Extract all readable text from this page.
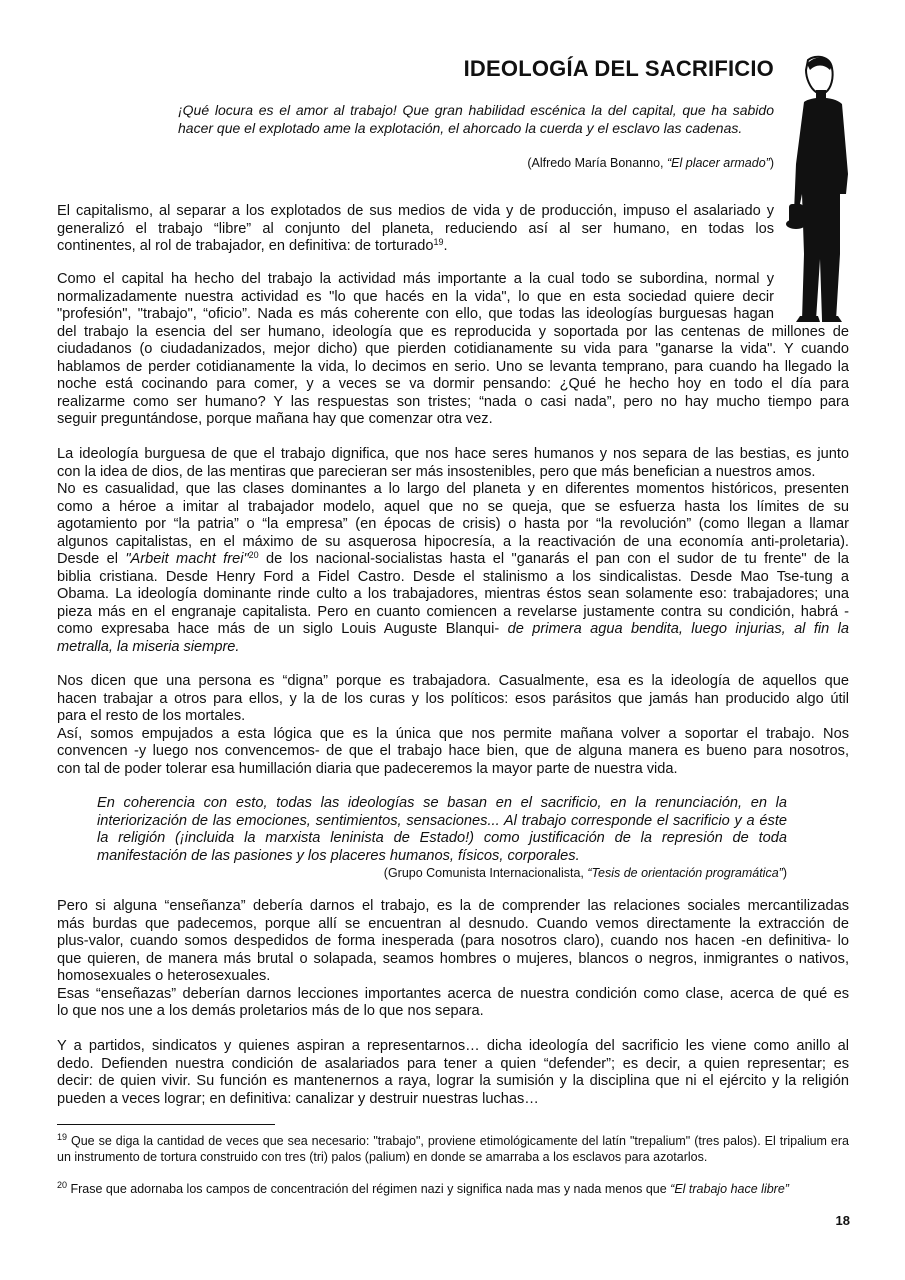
IDEOLOGÍA DEL SACRIFICIO
¡Qué locura es el amor al trabajo! Que gran habilidad escénica la del capital, que ha sabido hacer que el explotado ame la explotación, el ahorcado la cuerda y el esclavo las cadenas.
(Alfredo María Bonanno, “El placer armado”)
El capitalismo, al separar a los explotados de sus medios de vida y de producción, impuso el asalariado y
generalizó el trabajo “libre” al conjunto del planeta, reduciendo así al ser humano, en todas los
continentes, al rol de trabajador, en definitiva: de torturado$^{19}$.
Como el capital ha hecho del trabajo la actividad más importante a la cual todo se subordina, normal y
normalizadamente nuestra actividad es "lo que hacés en la vida", lo que en esta sociedad quiere decir
"profesión", "trabajo", “oficio”. Nada es más coherente con ello, que todas las ideologías burguesas hagan
del trabajo la esencia del ser humano, ideología que es reproducida y soportada por las centenas de millones de
ciudadanos (o ciudadanizados, mejor dicho) que pierden cotidianamente su vida para "ganarse la vida". Y cuando
hablamos de perder cotidianamente la vida, lo decimos en serio. Uno se levanta temprano, para cuando ha llegado la
noche está cocinando para comer, y a veces se va dormir pensando: ¿Qué he hecho hoy en todo el día para
realizarme como ser humano? Y las respuestas son tristes; “nada o casi nada”, pero no hay mucho tiempo para
seguir preguntándose, porque mañana hay que comenzar otra vez.
La ideología burguesa de que el trabajo dignifica, que nos hace seres humanos y nos separa de las bestias, es junto
con la idea de dios, de las mentiras que parecieran ser más insostenibles, pero que más benefician a nuestros amos.
No es casualidad, que las clases dominantes a lo largo del planeta y en diferentes momentos históricos, presenten
como a héroe a imitar al trabajador modelo, aquel que no se queja, que se esfuerza hasta los límites de su
agotamiento por “la patria” o “la empresa” (en épocas de crisis) o hasta por “la revolución” (como llegan a llamar
algunos capitalistas, en el máximo de su asquerosa hipocresía, a la reactivación de una economía anti-proletaria).
Desde el "Arbeit macht frei"$^{20}$ de los nacional-socialistas hasta el "ganarás el pan con el sudor de tu frente" de la
biblia cristiana. Desde Henry Ford a Fidel Castro. Desde el stalinismo a los sindicalistas. Desde Mao Tse-tung a
Obama. La ideología dominante rinde culto a los trabajadores, mientras éstos sean solamente eso: trabajadores; una
pieza más en el engranaje capitalista. Pero en cuanto comiencen a revelarse justamente contra su condición, habrá -
como expresaba hace más de un siglo Louis Auguste Blanqui- de primera agua bendita, luego injurias, al fin la
metralla, la miseria siempre.
Nos dicen que una persona es “digna” porque es trabajadora. Casualmente, esa es la ideología de aquellos que
hacen trabajar a otros para ellos, y la de los curas y los políticos: esos parásitos que jamás han producido algo útil
para el resto de los mortales.
Así, somos empujados a esta lógica que es la única que nos permite mañana volver a soportar el trabajo. Nos
convencen -y luego nos convencemos- de que el trabajo hace bien, que de alguna manera es bueno para nosotros,
con tal de poder tolerar esa humillación diaria que padeceremos la mayor parte de nuestra vida.
En coherencia con esto, todas las ideologías se basan en el sacrificio, en la renunciación, en la interiorización de las emociones, sentimientos, sensaciones... Al trabajo corresponde el sacrificio y a éste la religión (¡incluida la marxista leninista de Estado!) como justificación de la represión de toda manifestación de las pasiones y los placeres humanos, físicos, corporales.
(Grupo Comunista Internacionalista, “Tesis de orientación programática”)
Pero si alguna “enseñanza” debería darnos el trabajo, es la de comprender las relaciones sociales mercantilizadas
más burdas que padecemos, porque allí se encuentran al desnudo. Cuando vemos directamente la extracción de
plus-valor, cuando somos despedidos de forma inesperada (para nosotros claro), cuando nos hacen -en definitiva- lo
que quieren, de manera más brutal o solapada, seamos hombres o mujeres, blancos o negros, inmigrantes o nativos,
homosexuales o heterosexuales.
Esas “enseñazas” deberían darnos lecciones importantes acerca de nuestra condición como clase, acerca de qué es
lo que nos une a los demás proletarios más de lo que nos separa.
Y a partidos, sindicatos y quienes aspiran a representarnos… dicha ideología del sacrificio les viene como anillo al
dedo. Defienden nuestra condición de asalariados para tener a quien “defender”; es decir, a quien representar; es
decir: de quien vivir. Su función es mantenernos a raya, lograr la sumisión y la disciplina que ni el ejército y la religión
pueden a veces lograr; en definitiva: canalizar y destruir nuestras luchas…
$^{19}$ Que se diga la cantidad de veces que sea necesario: "trabajo", proviene etimológicamente del latín "trepalium" (tres palos). El tripalium era un instrumento de tortura construido con tres (tri) palos (palium) en donde se amarraba a los esclavos para azotarlos.
$^{20}$ Frase que adornaba los campos de concentración del régimen nazi y significa nada mas y nada menos que “El trabajo hace libre”
18
